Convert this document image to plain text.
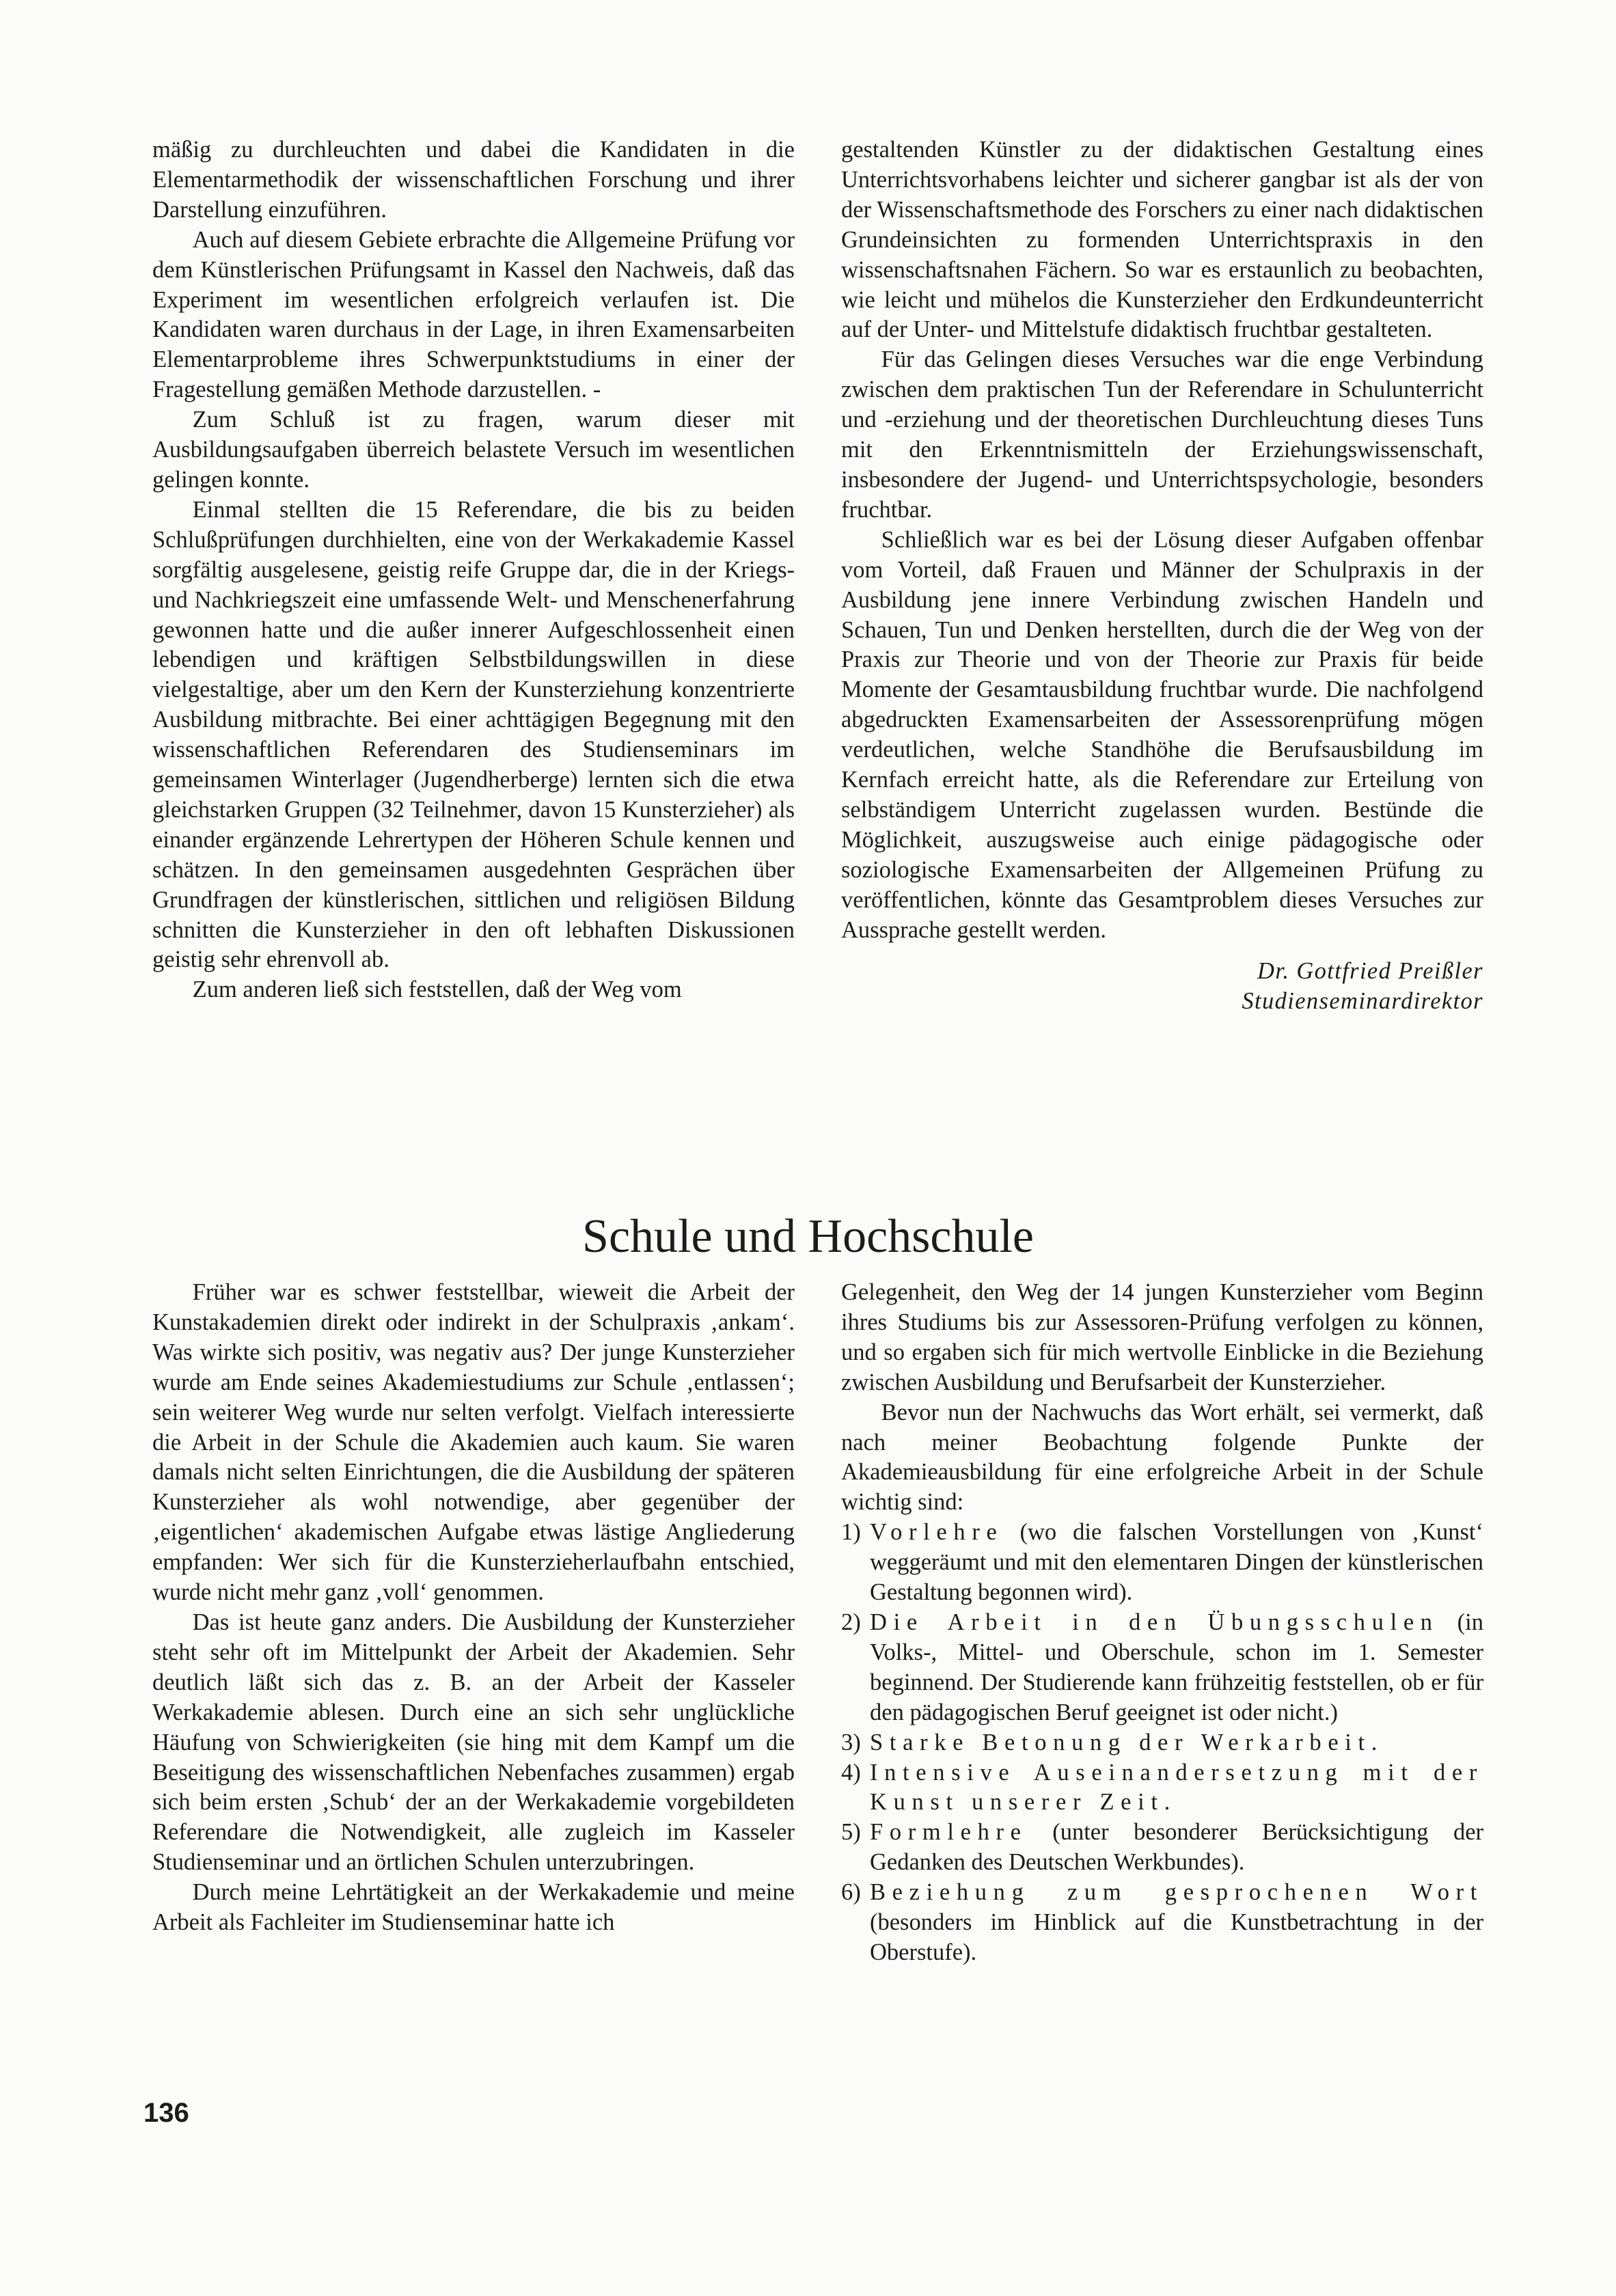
mäßig zu durchleuchten und dabei die Kandidaten in die Elementarmethodik der wissenschaftlichen Forschung und ihrer Darstellung einzuführen.

Auch auf diesem Gebiete erbrachte die Allgemeine Prüfung vor dem Künstlerischen Prüfungsamt in Kassel den Nachweis, daß das Experiment im wesentlichen erfolgreich verlaufen ist. Die Kandidaten waren durchaus in der Lage, in ihren Examensarbeiten Elementarprobleme ihres Schwerpunktstudiums in einer der Fragestellung gemäßen Methode darzustellen. -

Zum Schluß ist zu fragen, warum dieser mit Ausbildungsaufgaben überreich belastete Versuch im wesentlichen gelingen konnte.

Einmal stellten die 15 Referendare, die bis zu beiden Schlußprüfungen durchhielten, eine von der Werkakademie Kassel sorgfältig ausgelesene, geistig reife Gruppe dar, die in der Kriegs- und Nachkriegszeit eine umfassende Welt- und Menschenerfahrung gewonnen hatte und die außer innerer Aufgeschlossenheit einen lebendigen und kräftigen Selbstbildungswillen in diese vielgestaltige, aber um den Kern der Kunsterziehung konzentrierte Ausbildung mitbrachte. Bei einer achttägigen Begegnung mit den wissenschaftlichen Referendaren des Studienseminars im gemeinsamen Winterlager (Jugendherberge) lernten sich die etwa gleichstarken Gruppen (32 Teilnehmer, davon 15 Kunsterzieher) als einander ergänzende Lehrertypen der Höheren Schule kennen und schätzen. In den gemeinsamen ausgedehnten Gesprächen über Grundfragen der künstlerischen, sittlichen und religiösen Bildung schnitten die Kunsterzieher in den oft lebhaften Diskussionen geistig sehr ehrenvoll ab.

Zum anderen ließ sich feststellen, daß der Weg vom

gestaltenden Künstler zu der didaktischen Gestaltung eines Unterrichtsvorhabens leichter und sicherer gangbar ist als der von der Wissenschaftsmethode des Forschers zu einer nach didaktischen Grundeinsichten zu formenden Unterrichtspraxis in den wissenschaftsnahen Fächern. So war es erstaunlich zu beobachten, wie leicht und mühelos die Kunsterzieher den Erdkundeunterricht auf der Unter- und Mittelstufe didaktisch fruchtbar gestalteten.

Für das Gelingen dieses Versuches war die enge Verbindung zwischen dem praktischen Tun der Referendare in Schulunterricht und -erziehung und der theoretischen Durchleuchtung dieses Tuns mit den Erkenntnismitteln der Erziehungswissenschaft, insbesondere der Jugend- und Unterrichtspsychologie, besonders fruchtbar.

Schließlich war es bei der Lösung dieser Aufgaben offenbar vom Vorteil, daß Frauen und Männer der Schulpraxis in der Ausbildung jene innere Verbindung zwischen Handeln und Schauen, Tun und Denken herstellten, durch die der Weg von der Praxis zur Theorie und von der Theorie zur Praxis für beide Momente der Gesamtausbildung fruchtbar wurde. Die nachfolgend abgedruckten Examensarbeiten der Assessorenprüfung mögen verdeutlichen, welche Standhöhe die Berufsausbildung im Kernfach erreicht hatte, als die Referendare zur Erteilung von selbständigem Unterricht zugelassen wurden. Bestünde die Möglichkeit, auszugsweise auch einige pädagogische oder soziologische Examensarbeiten der Allgemeinen Prüfung zu veröffentlichen, könnte das Gesamtproblem dieses Versuches zur Aussprache gestellt werden.

Dr. Gottfried Preißler
Studienseminardirektor
Schule und Hochschule

Früher war es schwer feststellbar, wieweit die Arbeit der Kunstakademien direkt oder indirekt in der Schulpraxis ‚ankam‘. Was wirkte sich positiv, was negativ aus? Der junge Kunsterzieher wurde am Ende seines Akademiestudiums zur Schule ‚entlassen‘; sein weiterer Weg wurde nur selten verfolgt. Vielfach interessierte die Arbeit in der Schule die Akademien auch kaum. Sie waren damals nicht selten Einrichtungen, die die Ausbildung der späteren Kunsterzieher als wohl notwendige, aber gegenüber der ‚eigentlichen‘ akademischen Aufgabe etwas lästige Angliederung empfanden: Wer sich für die Kunsterzieherlaufbahn entschied, wurde nicht mehr ganz ‚voll‘ genommen.

Das ist heute ganz anders. Die Ausbildung der Kunsterzieher steht sehr oft im Mittelpunkt der Arbeit der Akademien. Sehr deutlich läßt sich das z. B. an der Arbeit der Kasseler Werkakademie ablesen. Durch eine an sich sehr unglückliche Häufung von Schwierigkeiten (sie hing mit dem Kampf um die Beseitigung des wissenschaftlichen Nebenfaches zusammen) ergab sich beim ersten ‚Schub‘ der an der Werkakademie vorgebildeten Referendare die Notwendigkeit, alle zugleich im Kasseler Studienseminar und an örtlichen Schulen unterzubringen.

Durch meine Lehrtätigkeit an der Werkakademie und meine Arbeit als Fachleiter im Studienseminar hatte ich

Gelegenheit, den Weg der 14 jungen Kunsterzieher vom Beginn ihres Studiums bis zur Assessoren-Prüfung verfolgen zu können, und so ergaben sich für mich wertvolle Einblicke in die Beziehung zwischen Ausbildung und Berufsarbeit der Kunsterzieher.

Bevor nun der Nachwuchs das Wort erhält, sei vermerkt, daß nach meiner Beobachtung folgende Punkte der Akademieausbildung für eine erfolgreiche Arbeit in der Schule wichtig sind:

1) Vorlehre (wo die falschen Vorstellungen von ‚Kunst‘ weggeräumt und mit den elementaren Dingen der künstlerischen Gestaltung begonnen wird).
2) Die Arbeit in den Übungsschulen (in Volks-, Mittel- und Oberschule, schon im 1. Semester beginnend. Der Studierende kann frühzeitig feststellen, ob er für den pädagogischen Beruf geeignet ist oder nicht.)
3) Starke Betonung der Werkarbeit.
4) Intensive Auseinandersetzung mit der Kunst unserer Zeit.
5) Formlehre (unter besonderer Berücksichtigung der Gedanken des Deutschen Werkbundes).
6) Beziehung zum gesprochenen Wort (besonders im Hinblick auf die Kunstbetrachtung in der Oberstufe).
136
